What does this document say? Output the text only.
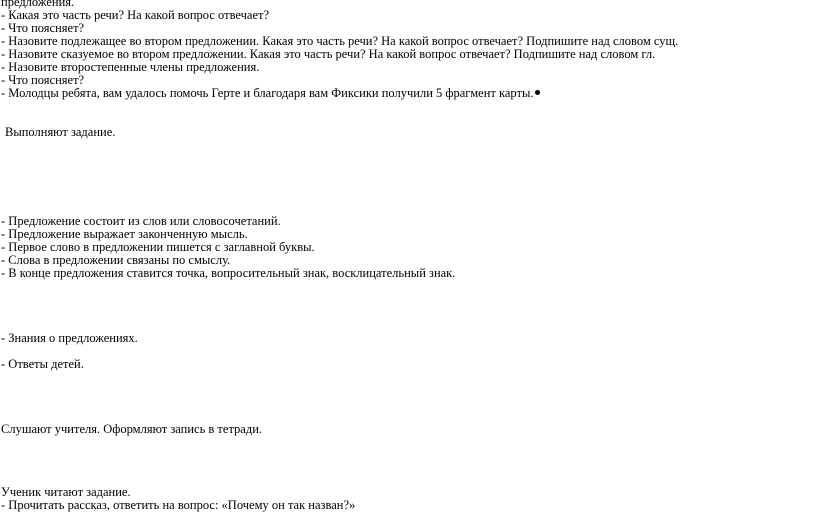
предложения.
- Какая это часть речи? На какой вопрос отвечает?
- Что поясняет?
- Назовите подлежащее во втором предложении. Какая это часть речи? На какой вопрос отвечает? Подпишите над словом сущ.
- Назовите сказуемое во втором предложении. Какая это часть речи? На какой вопрос отвечает? Подпишите над словом гл.
- Назовите второстепенные члены предложения.
- Что поясняет?
- Молодцы ребята, вам удалось помочь Герте и благодаря вам Фиксики получили 5 фрагмент карты.
Выполняют задание.
- Предложение состоит из слов или словосочетаний.
- Предложение выражает законченную мысль.
- Первое слово в предложении пишется с заглавной буквы.
- Слова в предложении связаны по смыслу.
- В конце предложения ставится точка, вопросительный знак, восклицательный знак.
- Знания о предложениях.
- Ответы детей.
Слушают учителя. Оформляют запись в тетради.
Ученик читают задание.
- Прочитать рассказ, ответить на вопрос: «Почему он так назван?»
